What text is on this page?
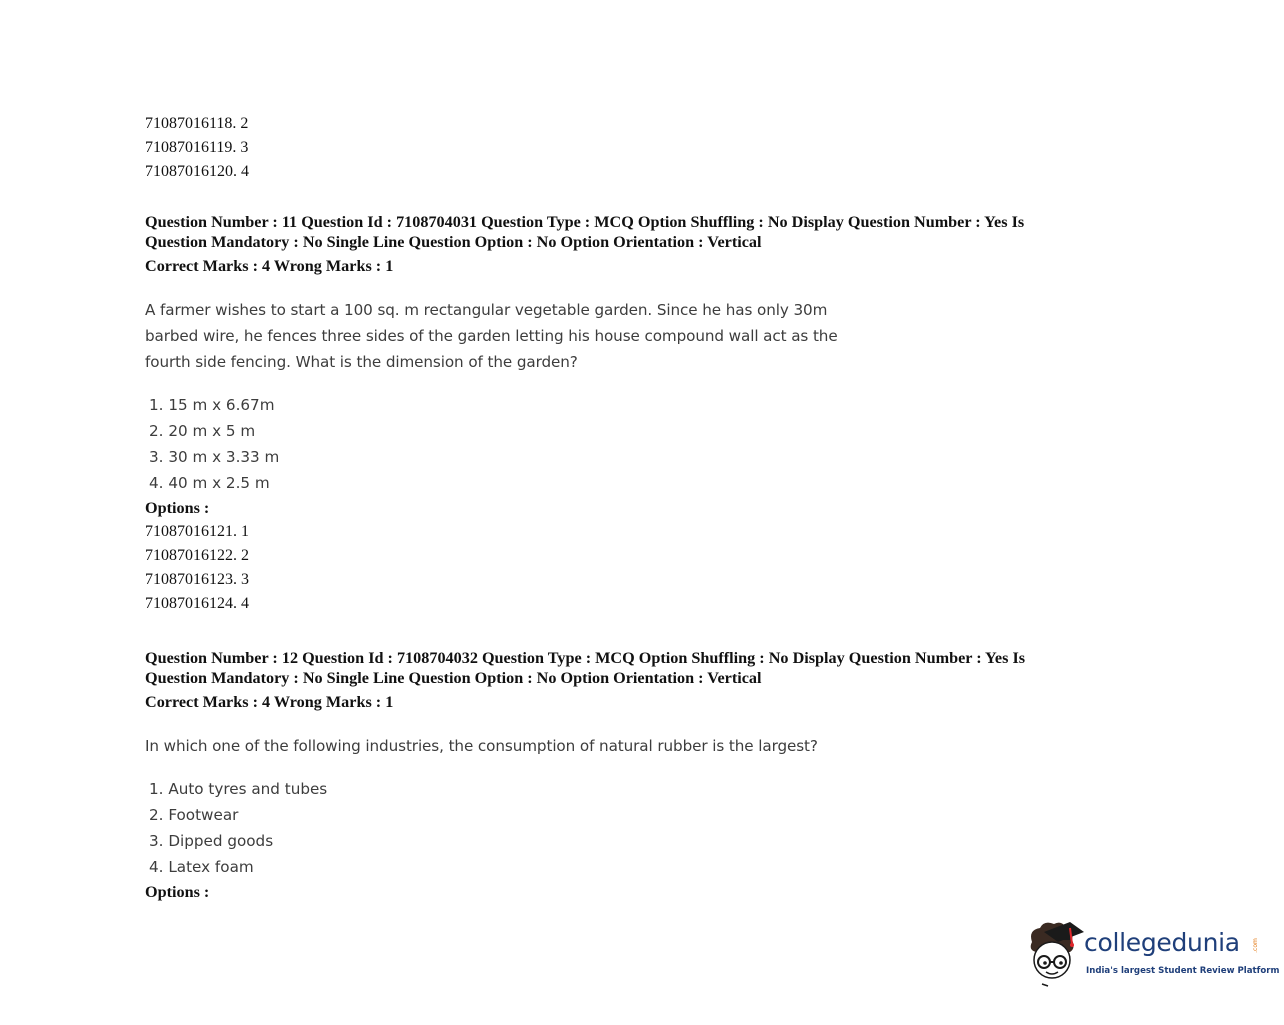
71087016118. 2
71087016119. 3
71087016120. 4
Question Number : 11 Question Id : 7108704031 Question Type : MCQ Option Shuffling : No Display Question Number : Yes Is
Question Mandatory : No Single Line Question Option : No Option Orientation : Vertical
Correct Marks : 4 Wrong Marks : 1
A farmer wishes to start a 100 sq. m rectangular vegetable garden. Since he has only 30m
barbed wire, he fences three sides of the garden letting his house compound wall act as the
fourth side fencing. What is the dimension of the garden?
1. 15 m x 6.67m
2. 20 m x 5 m
3. 30 m x 3.33 m
4. 40 m x 2.5 m
Options :
71087016121. 1
71087016122. 2
71087016123. 3
71087016124. 4
Question Number : 12 Question Id : 7108704032 Question Type : MCQ Option Shuffling : No Display Question Number : Yes Is
Question Mandatory : No Single Line Question Option : No Option Orientation : Vertical
Correct Marks : 4 Wrong Marks : 1
In which one of the following industries, the consumption of natural rubber is the largest?
1. Auto tyres and tubes
2. Footwear
3. Dipped goods
4. Latex foam
Options :
collegedunia .com
India's largest Student Review Platform
